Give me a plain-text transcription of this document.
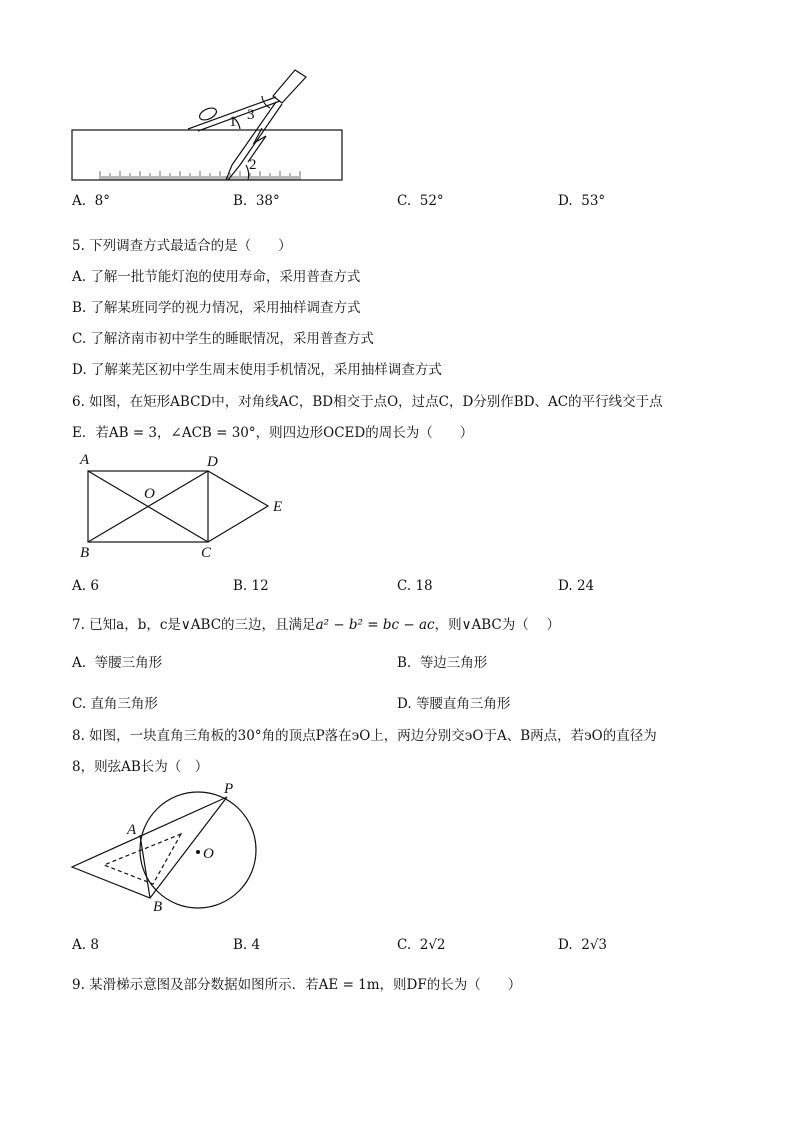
1 3
2
A. 8°	B. 38°	C. 52°	D. 53°
5. 下列调查方式最适合的是（　　）
A. 了解一批节能灯泡的使用寿命，采用普查方式
B. 了解某班同学的视力情况，采用抽样调查方式
C. 了解济南市初中学生的睡眠情况，采用普查方式
D. 了解莱芜区初中学生周末使用手机情况，采用抽样调查方式
6. 如图，在矩形ABCD中，对角线AC，BD相交于点O，过点C，D分别作BD、AC的平行线交于点
E．若AB = 3，∠ACB = 30°，则四边形OCED的周长为（　　）
A	D
O
E
B	C
A. 6	B. 12	C. 18	D. 24
7. 已知a，b，c是∨ABC的三边，且满足a² − b² = bc − ac，则∨ABC为（　 ）
A. 等腰三角形	B. 等边三角形
C. 直角三角形	D. 等腰直角三角形
8. 如图，一块直角三角板的30°角的顶点P落在϶O上，两边分别交϶O于A、B两点，若϶O的直径为
8，则弦AB长为（　）
P
A
O
B
A. 8	B. 4	C. 2√2	D. 2√3
9. 某滑梯示意图及部分数据如图所示．若AE = 1m，则DF的长为（　　）
